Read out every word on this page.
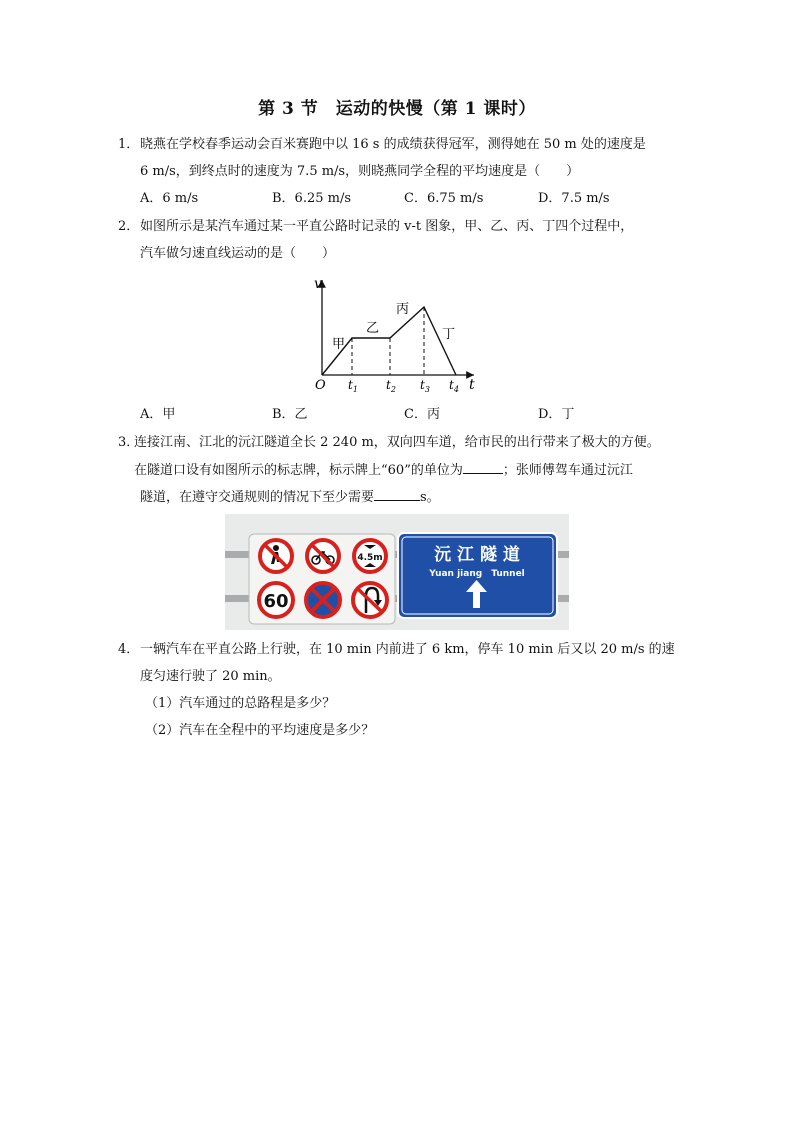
第 3 节　运动的快慢（第 1 课时）
1．晓燕在学校春季运动会百米赛跑中以 16 s 的成绩获得冠军，测得她在 50 m 处的速度是
6 m/s，到终点时的速度为 7.5 m/s，则晓燕同学全程的平均速度是（　　）
A．6 m/s	B．6.25 m/s	C．6.75 m/s	D．7.5 m/s
2．如图所示是某汽车通过某一平直公路时记录的 v-t 图象，甲、乙、丙、丁四个过程中，
汽车做匀速直线运动的是（　　）
v
t
O
甲
乙
丙
丁
$t_1$ $t_2$ $t_3$ $t_4$
A．甲	B．乙	C．丙	D．丁
3．连接江南、江北的沅江隧道全长 2 240 m，双向四车道，给市民的出行带来了极大的方便。
在隧道口设有如图所示的标志牌，标示牌上“60”的单位为	；张师傅驾车通过沅江
隧道，在遵守交通规则的情况下至少需要	s。
4.5m
60
沅 江 隧 道
Yuan jiang　Tunnel
4．一辆汽车在平直公路上行驶，在 10 min 内前进了 6 km，停车 10 min 后又以 20 m/s 的速
度匀速行驶了 20 min。
（1）汽车通过的总路程是多少？
（2）汽车在全程中的平均速度是多少？
